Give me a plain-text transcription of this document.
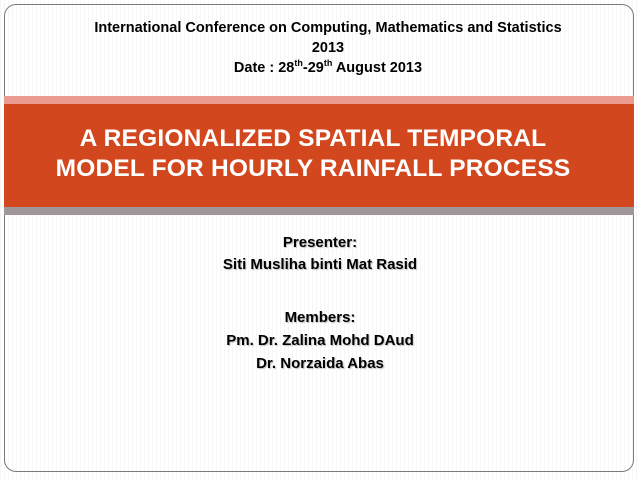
International Conference on Computing, Mathematics and Statistics
2013
Date : 28th-29th August 2013
A REGIONALIZED SPATIAL TEMPORAL
MODEL FOR HOURLY RAINFALL PROCESS
Presenter:
Siti Musliha binti Mat Rasid
Members:
Pm. Dr. Zalina Mohd DAud
Dr. Norzaida Abas
